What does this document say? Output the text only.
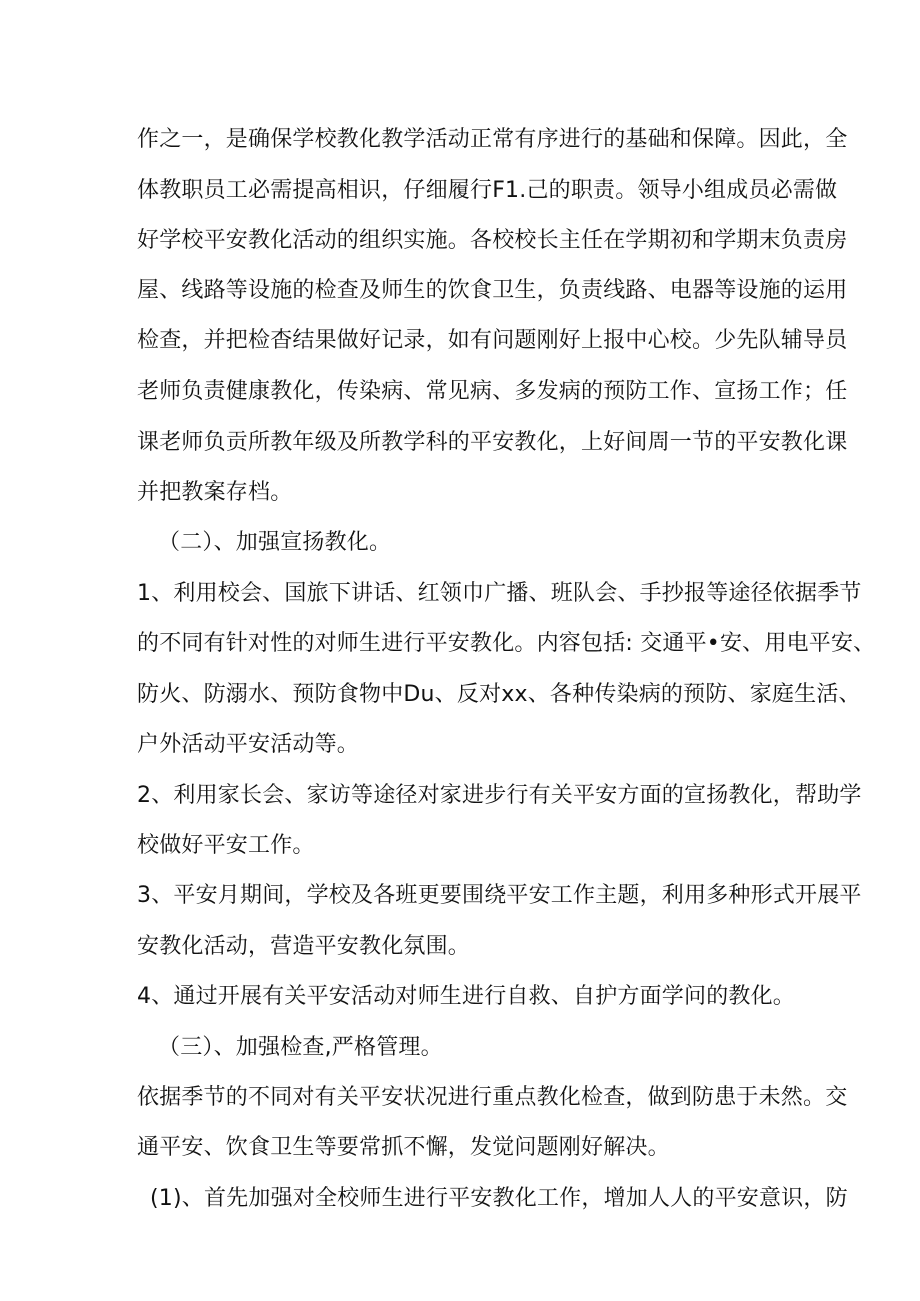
作之一，是确保学校教化教学活动正常有序进行的基础和保障。因此，全
体教职员工必需提高相识，仔细履行F1.己的职责。领导小组成员必需做
好学校平安教化活动的组织实施。各校校长主任在学期初和学期末负责房
屋、线路等设施的检查及师生的饮食卫生，负责线路、电器等设施的运用
检查，并把检杳结果做好记录，如有问题刚好上报中心校。少先队辅导员
老师负责健康教化，传染病、常见病、多发病的预防工作、宣扬工作；任
课老师负贡所教年级及所教学科的平安教化，上好间周一节的平安教化课
并把教案存档。
（二）、加强宣扬教化。
1、利用校会、国旅下讲话、红领巾广播、班队会、手抄报等途径依据季节
的不同有针对性的对师生进行平安教化。内容包括: 交通平•安、用电平安、
防火、防溺水、预防食物中Du、反对xx、各种传染病的预防、家庭生活、
户外活动平安活动等。
2、利用家长会、家访等途径对家进步行有关平安方面的宣扬教化，帮助学
校做好平安工作。
3、平安月期间，学校及各班更要围绕平安工作主题，利用多种形式开展平
安教化活动，营造平安教化氛围。
4、通过开展有关平安活动对师生进行自救、自护方面学问的教化。
（三）、加强检查,严格管理。
依据季节的不同对有关平安状况进行重点教化检查，做到防患于未然。交
通平安、饮食卫生等要常抓不懈，发觉问题刚好解决。
(1)、首先加强对全校师生进行平安教化工作，增加人人的平安意识，防
